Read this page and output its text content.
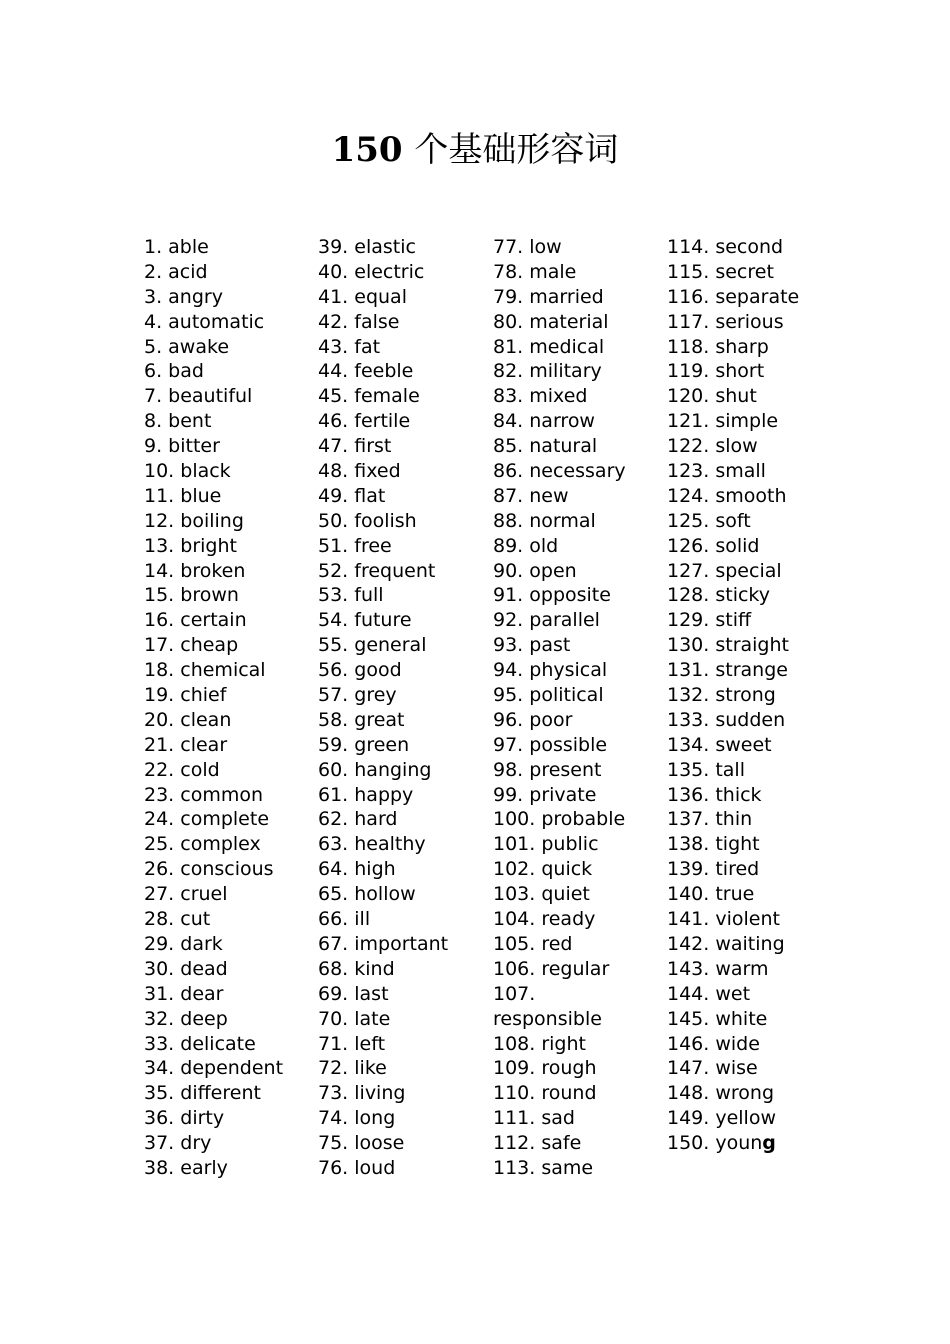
150 个基础形容词
1. able
2. acid
3. angry
4. automatic
5. awake
6. bad
7. beautiful
8. bent
9. bitter
10. black
11. blue
12. boiling
13. bright
14. broken
15. brown
16. certain
17. cheap
18. chemical
19. chief
20. clean
21. clear
22. cold
23. common
24. complete
25. complex
26. conscious
27. cruel
28. cut
29. dark
30. dead
31. dear
32. deep
33. delicate
34. dependent
35. different
36. dirty
37. dry
38. early
39. elastic
40. electric
41. equal
42. false
43. fat
44. feeble
45. female
46. fertile
47. first
48. fixed
49. flat
50. foolish
51. free
52. frequent
53. full
54. future
55. general
56. good
57. grey
58. great
59. green
60. hanging
61. happy
62. hard
63. healthy
64. high
65. hollow
66. ill
67. important
68. kind
69. last
70. late
71. left
72. like
73. living
74. long
75. loose
76. loud
77. low
78. male
79. married
80. material
81. medical
82. military
83. mixed
84. narrow
85. natural
86. necessary
87. new
88. normal
89. old
90. open
91. opposite
92. parallel
93. past
94. physical
95. political
96. poor
97. possible
98. present
99. private
100. probable
101. public
102. quick
103. quiet
104. ready
105. red
106. regular
107.
responsible
108. right
109. rough
110. round
111. sad
112. safe
113. same
114. second
115. secret
116. separate
117. serious
118. sharp
119. short
120. shut
121. simple
122. slow
123. small
124. smooth
125. soft
126. solid
127. special
128. sticky
129. stiff
130. straight
131. strange
132. strong
133. sudden
134. sweet
135. tall
136. thick
137. thin
138. tight
139. tired
140. true
141. violent
142. waiting
143. warm
144. wet
145. white
146. wide
147. wise
148. wrong
149. yellow
150. young
